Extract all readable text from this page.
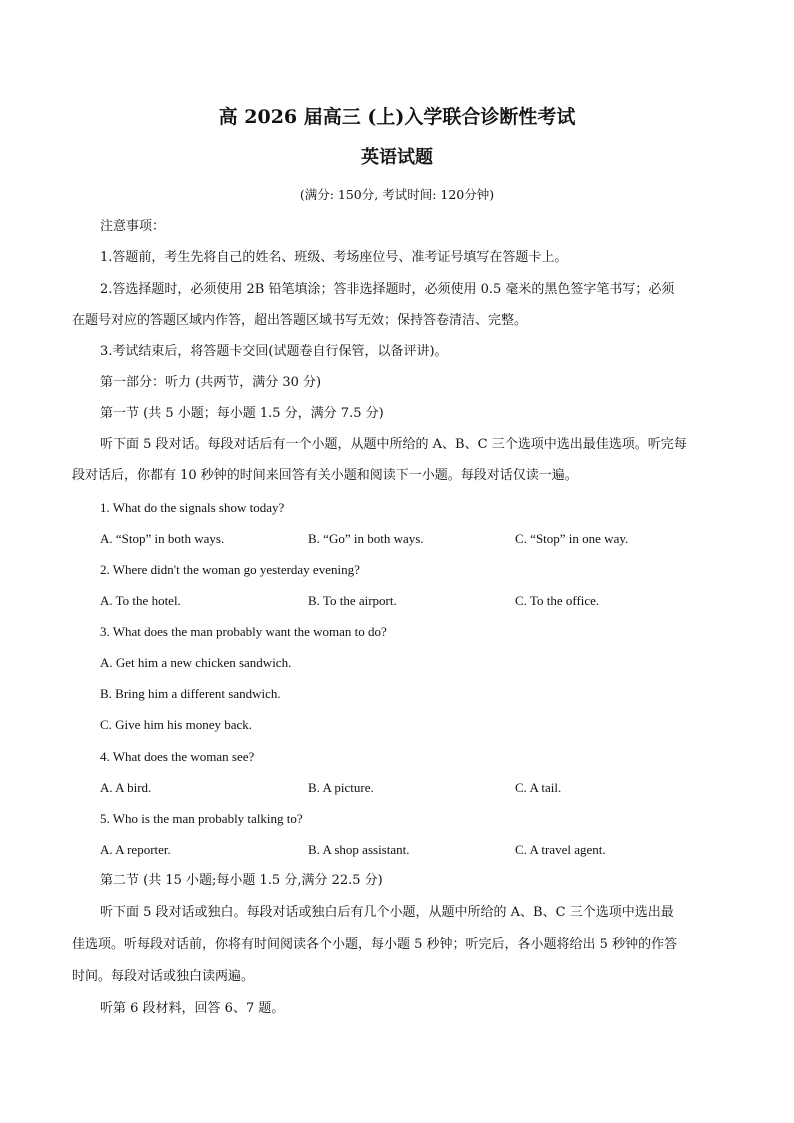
高 2026 届高三 (上)入学联合诊断性考试
英语试题
(满分: 150分, 考试时间: 120分钟)
注意事项：
1.答题前，考生先将自己的姓名、班级、考场座位号、准考证号填写在答题卡上。
2.答选择题时，必须使用 2B 铅笔填涂；答非选择题时，必须使用 0.5 毫米的黑色签字笔书写；必须
在题号对应的答题区域内作答，超出答题区域书写无效；保持答卷清洁、完整。
3.考试结束后，将答题卡交回(试题卷自行保管，以备评讲)。
第一部分：听力 (共两节，满分 30 分)
第一节 (共 5 小题；每小题 1.5 分，满分 7.5 分)
听下面 5 段对话。每段对话后有一个小题，从题中所给的 A、B、C 三个选项中选出最佳选项。听完每
段对话后，你都有 10 秒钟的时间来回答有关小题和阅读下一小题。每段对话仅读一遍。
1. What do the signals show today?
A. “Stop” in both ways.	B. “Go” in both ways.	C. “Stop” in one way.
2. Where didn't the woman go yesterday evening?
A. To the hotel.	B. To the airport.	C. To the office.
3. What does the man probably want the woman to do?
A. Get him a new chicken sandwich.
B. Bring him a different sandwich.
C. Give him his money back.
4. What does the woman see?
A. A bird.	B. A picture.	C. A tail.
5. Who is the man probably talking to?
A. A reporter.	B. A shop assistant.	C. A travel agent.
第二节 (共 15 小题;每小题 1.5 分,满分 22.5 分)
听下面 5 段对话或独白。每段对话或独白后有几个小题，从题中所给的 A、B、C 三个选项中选出最
佳选项。听每段对话前，你将有时间阅读各个小题，每小题 5 秒钟；听完后，各小题将给出 5 秒钟的作答
时间。每段对话或独白读两遍。
听第 6 段材料，回答 6、7 题。
